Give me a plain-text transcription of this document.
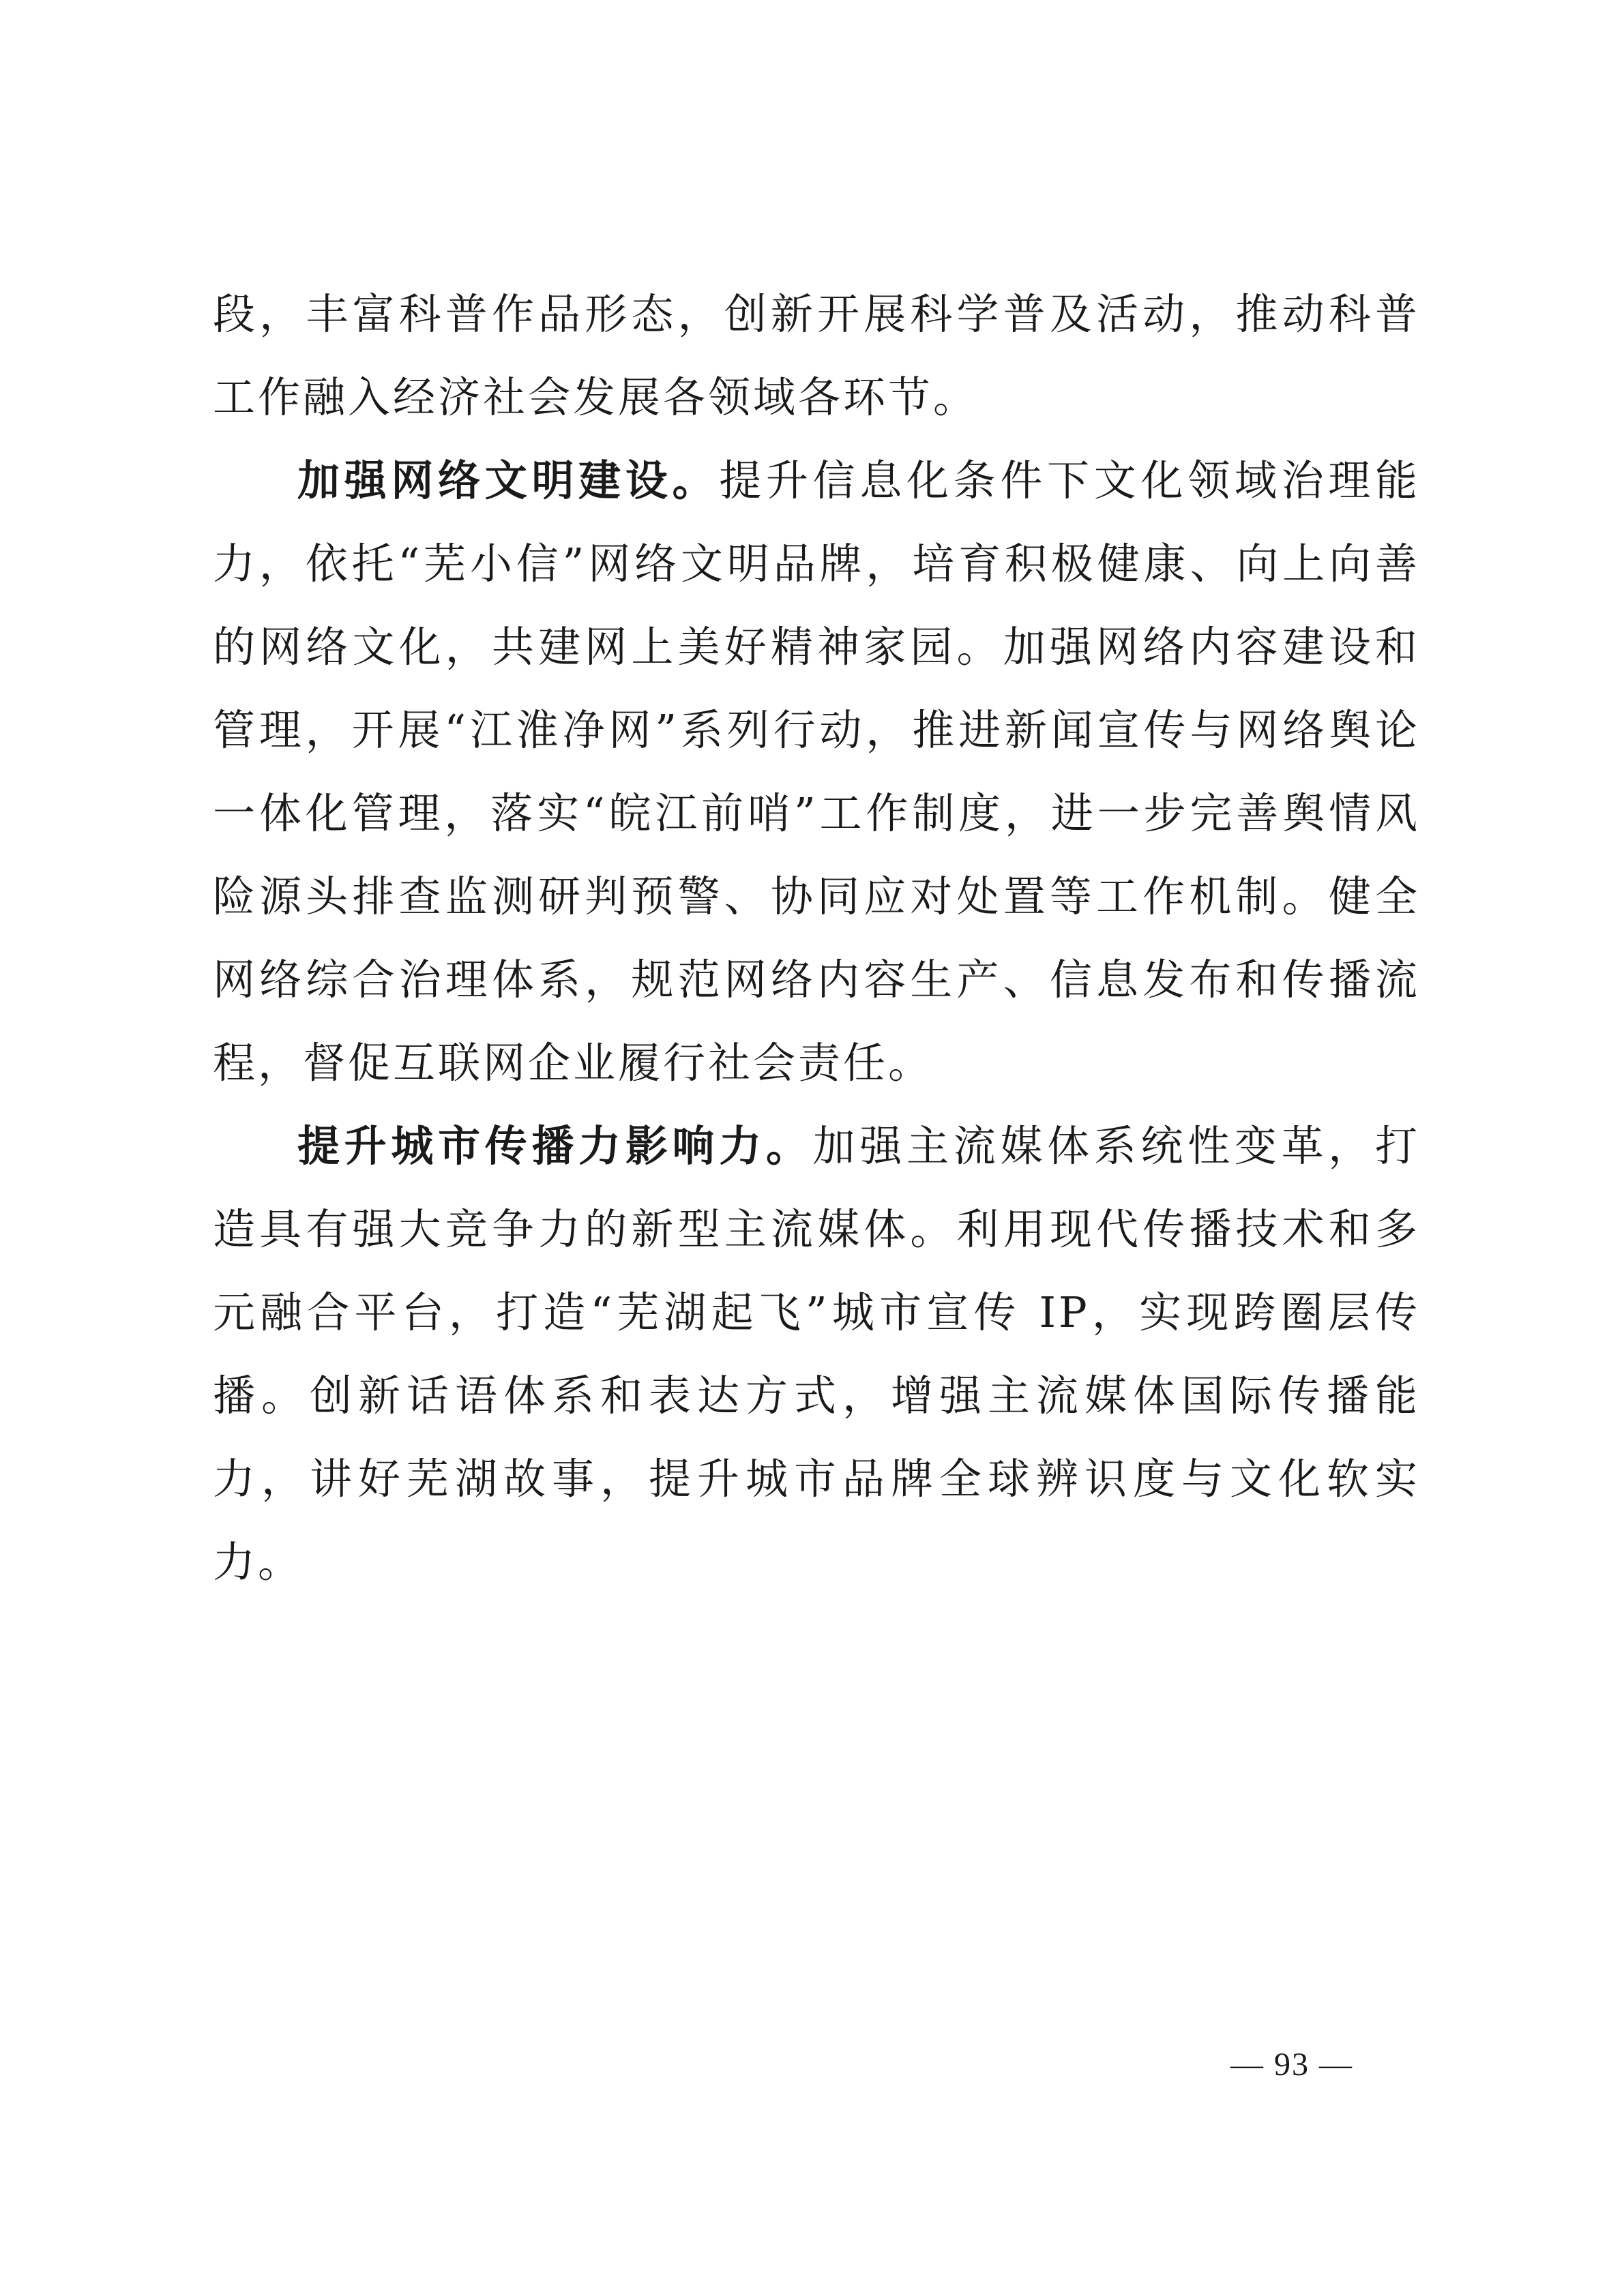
段，丰富科普作品形态，创新开展科学普及活动，推动科普工作融入经济社会发展各领域各环节。

加强网络文明建设。提升信息化条件下文化领域治理能力，依托“芜小信”网络文明品牌，培育积极健康、向上向善的网络文化，共建网上美好精神家园。加强网络内容建设和管理，开展“江淮净网”系列行动，推进新闻宣传与网络舆论一体化管理，落实“皖江前哨”工作制度，进一步完善舆情风险源头排查监测研判预警、协同应对处置等工作机制。健全网络综合治理体系，规范网络内容生产、信息发布和传播流程，督促互联网企业履行社会责任。

提升城市传播力影响力。加强主流媒体系统性变革，打造具有强大竞争力的新型主流媒体。利用现代传播技术和多元融合平台，打造“芜湖起飞”城市宣传 IP，实现跨圈层传播。创新话语体系和表达方式，增强主流媒体国际传播能力，讲好芜湖故事，提升城市品牌全球辨识度与文化软实力。

— 93 —
